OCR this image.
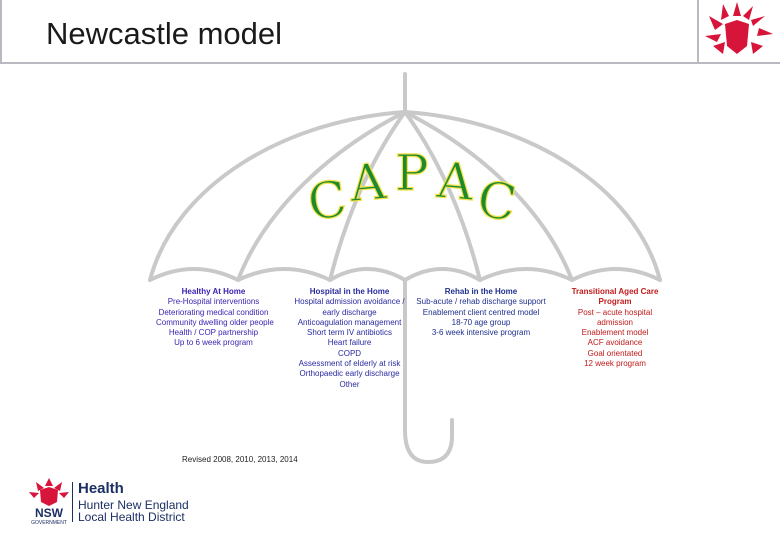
Newcastle model
C
A P A
C
Healthy At Home
Pre-Hospital interventions
Deteriorating medical condition
Community dwelling older people
Health / COP partnership
Up to 6 week program
Hospital in the Home
Hospital admission avoidance /
early discharge
Anticoagulation management
Short term IV antibiotics
Heart failure
COPD
Assessment of elderly at risk
Orthopaedic early discharge
Other
Rehab in the Home
Sub-acute / rehab discharge support
Enablement client centred model
18-70 age group
3-6 week intensive program
Transitional Aged Care
Program
Post – acute hospital
admission
Enablement model
ACF avoidance
Goal orientated
12 week program
Revised 2008, 2010, 2013, 2014
NSW
GOVERNMENT
Health
Hunter New England
Local Health District
